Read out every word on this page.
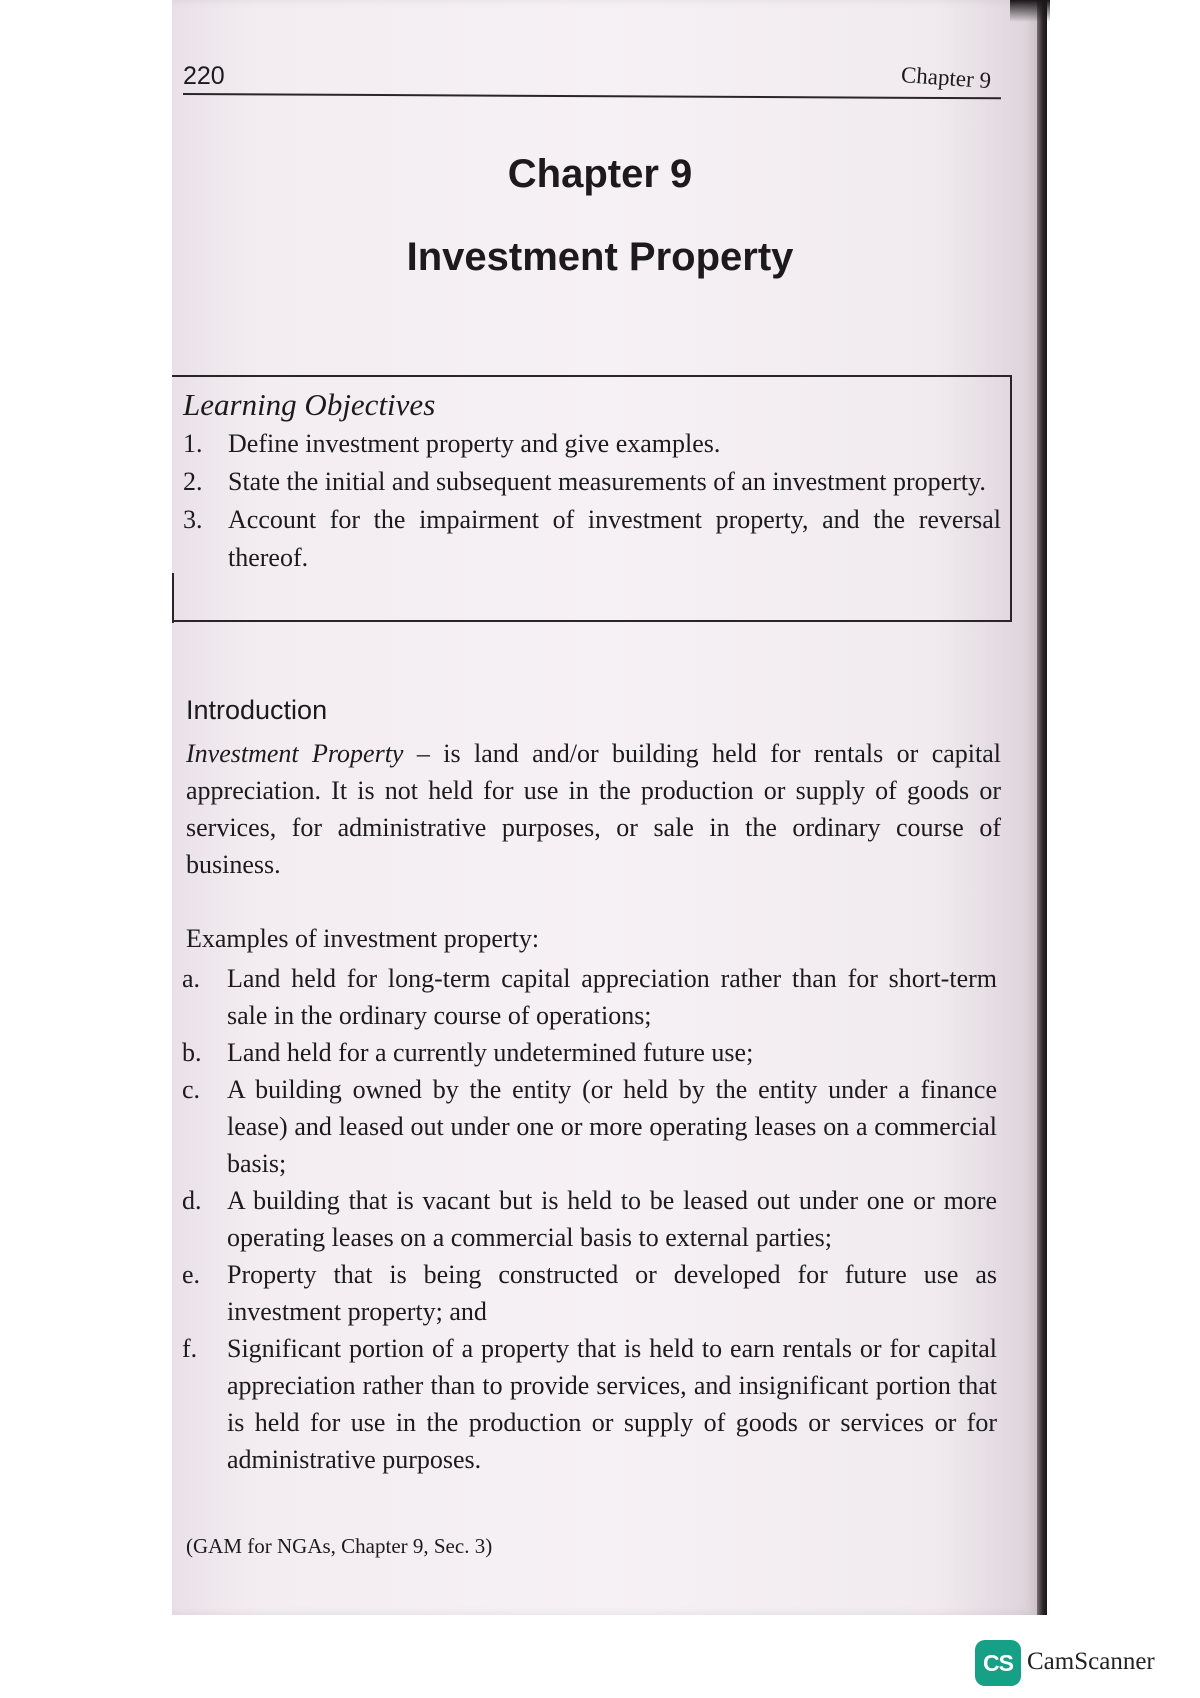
220	Chapter 9
Chapter 9
Investment Property
Learning Objectives
1. Define investment property and give examples.
2. State the initial and subsequent measurements of an investment property.
3. Account for the impairment of investment property, and the reversal thereof.
Introduction
Investment Property – is land and/or building held for rentals or capital appreciation. It is not held for use in the production or supply of goods or services, for administrative purposes, or sale in the ordinary course of business.
Examples of investment property:
a.	Land held for long-term capital appreciation rather than for short-term sale in the ordinary course of operations;
b. Land held for a currently undetermined future use;
c.	A building owned by the entity (or held by the entity under a finance lease) and leased out under one or more operating leases on a commercial basis;
d. A building that is vacant but is held to be leased out under one or more operating leases on a commercial basis to external parties;
e.	Property that is being constructed or developed for future use as investment property; and
f.	Significant portion of a property that is held to earn rentals or for capital appreciation rather than to provide services, and insignificant portion that is held for use in the production or supply of goods or services or for administrative purposes.
(GAM for NGAs, Chapter 9, Sec. 3)
CS CamScanner
